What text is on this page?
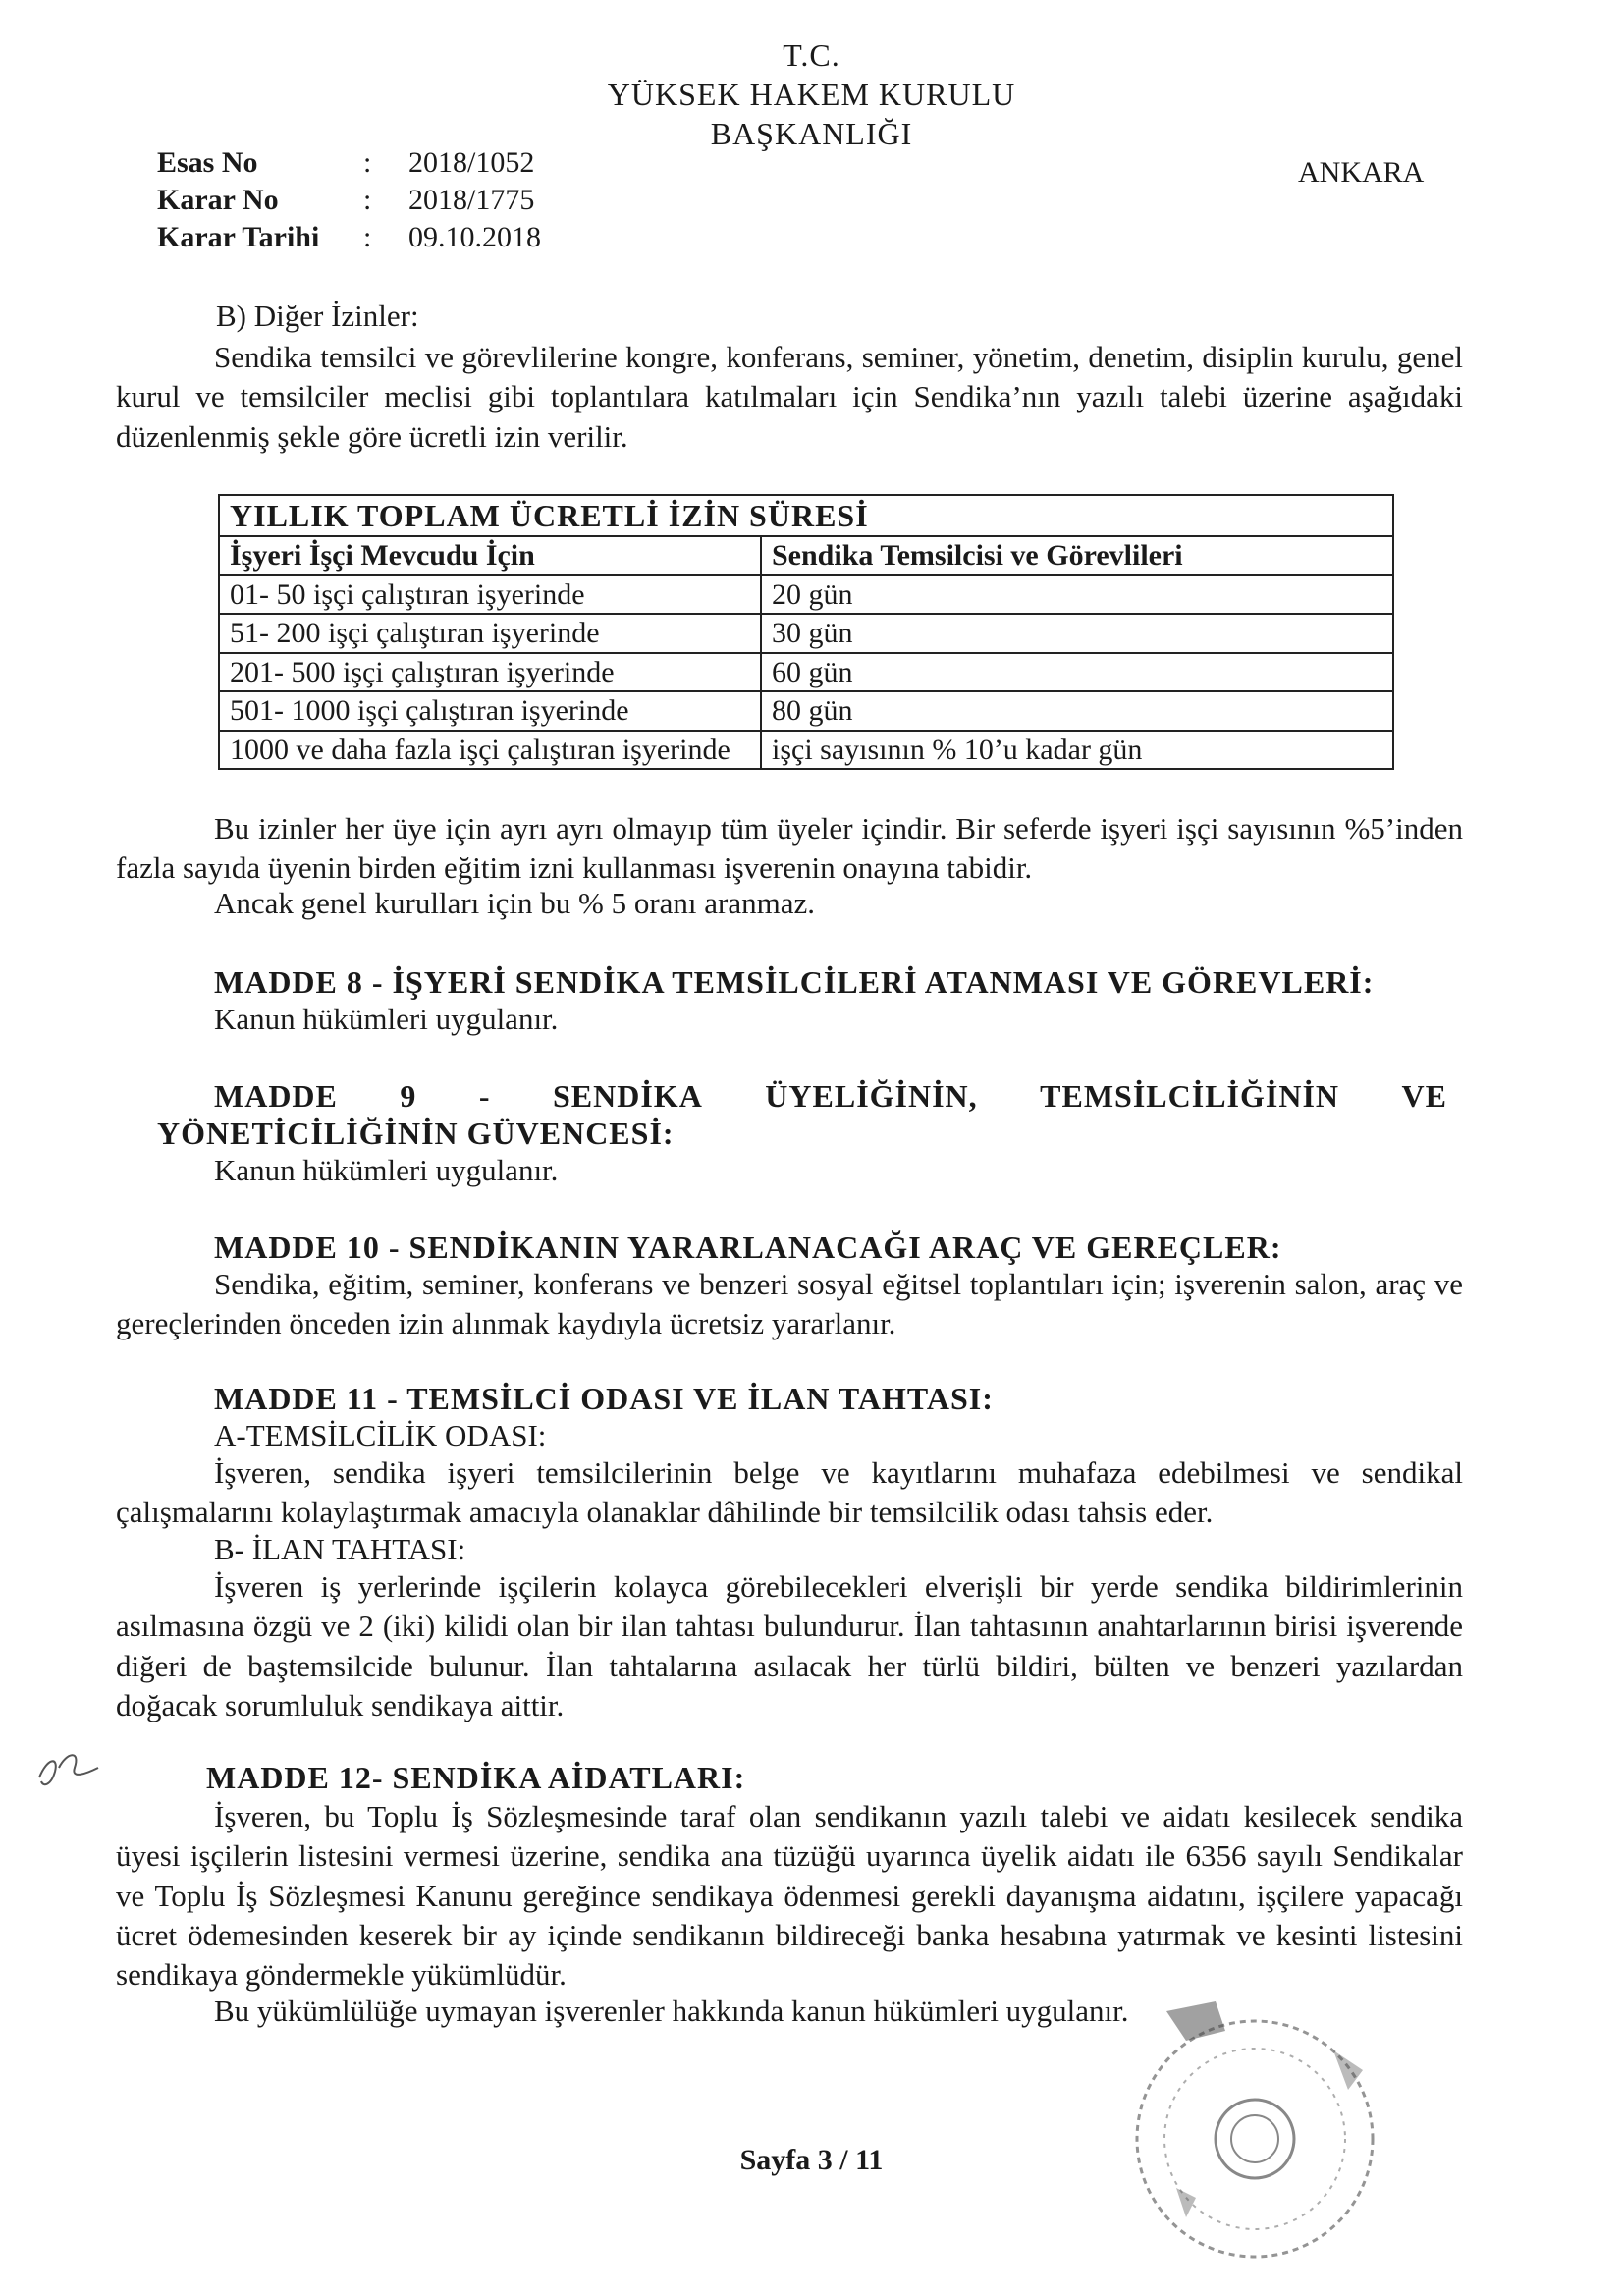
T.C.
YÜKSEK HAKEM KURULU
BAŞKANLIĞI
ANKARA
Esas No	: 2018/1052
Karar No	: 2018/1775
Karar Tarihi : 09.10.2018
B) Diğer İzinler:
Sendika temsilci ve görevlilerine kongre, konferans, seminer, yönetim, denetim, disiplin kurulu, genel kurul ve temsilciler meclisi gibi toplantılara katılmaları için Sendika’nın yazılı talebi üzerine aşağıdaki düzenlenmiş şekle göre ücretli izin verilir.
YILLIK TOPLAM ÜCRETLİ İZİN SÜRESİ	
İşyeri İşçi Mevcudu İçin	Sendika Temsilcisi ve Görevlileri
01- 50 işçi çalıştıran işyerinde	20 gün
51- 200 işçi çalıştıran işyerinde	30 gün
201- 500 işçi çalıştıran işyerinde	60 gün
501- 1000 işçi çalıştıran işyerinde	80 gün
1000 ve daha fazla işçi çalıştıran işyerinde	işçi sayısının % 10’u kadar gün
Bu izinler her üye için ayrı ayrı olmayıp tüm üyeler içindir. Bir seferde işyeri işçi sayısının %5’inden fazla sayıda üyenin birden eğitim izni kullanması işverenin onayına tabidir.
Ancak genel kurulları için bu % 5 oranı aranmaz.
MADDE 8 - İŞYERİ SENDİKA TEMSİLCİLERİ ATANMASI VE GÖREVLERİ:
Kanun hükümleri uygulanır.
MADDE 9 - SENDİKA ÜYELİĞİNİN, TEMSİLCİLİĞİNİN VE
YÖNETİCİLİĞİNİN GÜVENCESİ:
Kanun hükümleri uygulanır.
MADDE 10 - SENDİKANIN YARARLANACAĞI ARAÇ VE GEREÇLER:
Sendika, eğitim, seminer, konferans ve benzeri sosyal eğitsel toplantıları için; işverenin salon, araç ve gereçlerinden önceden izin alınmak kaydıyla ücretsiz yararlanır.
MADDE 11 - TEMSİLCİ ODASI VE İLAN TAHTASI:
A-TEMSİLCİLİK ODASI:
İşveren, sendika işyeri temsilcilerinin belge ve kayıtlarını muhafaza edebilmesi ve sendikal çalışmalarını kolaylaştırmak amacıyla olanaklar dâhilinde bir temsilcilik odası tahsis eder.
B- İLAN TAHTASI:
İşveren iş yerlerinde işçilerin kolayca görebilecekleri elverişli bir yerde sendika bildirimlerinin asılmasına özgü ve 2 (iki) kilidi olan bir ilan tahtası bulundurur. İlan tahtasının anahtarlarının birisi işverende diğeri de baştemsilcide bulunur. İlan tahtalarına asılacak her türlü bildiri, bülten ve benzeri yazılardan doğacak sorumluluk sendikaya aittir.
MADDE 12- SENDİKA AİDATLARI:
İşveren, bu Toplu İş Sözleşmesinde taraf olan sendikanın yazılı talebi ve aidatı kesilecek sendika üyesi işçilerin listesini vermesi üzerine, sendika ana tüzüğü uyarınca üyelik aidatı ile 6356 sayılı Sendikalar ve Toplu İş Sözleşmesi Kanunu gereğince sendikaya ödenmesi gerekli dayanışma aidatını, işçilere yapacağı ücret ödemesinden keserek bir ay içinde sendikanın bildireceği banka hesabına yatırmak ve kesinti listesini sendikaya göndermekle yükümlüdür.
Bu yükümlülüğe uymayan işverenler hakkında kanun hükümleri uygulanır.
Sayfa 3 / 11
